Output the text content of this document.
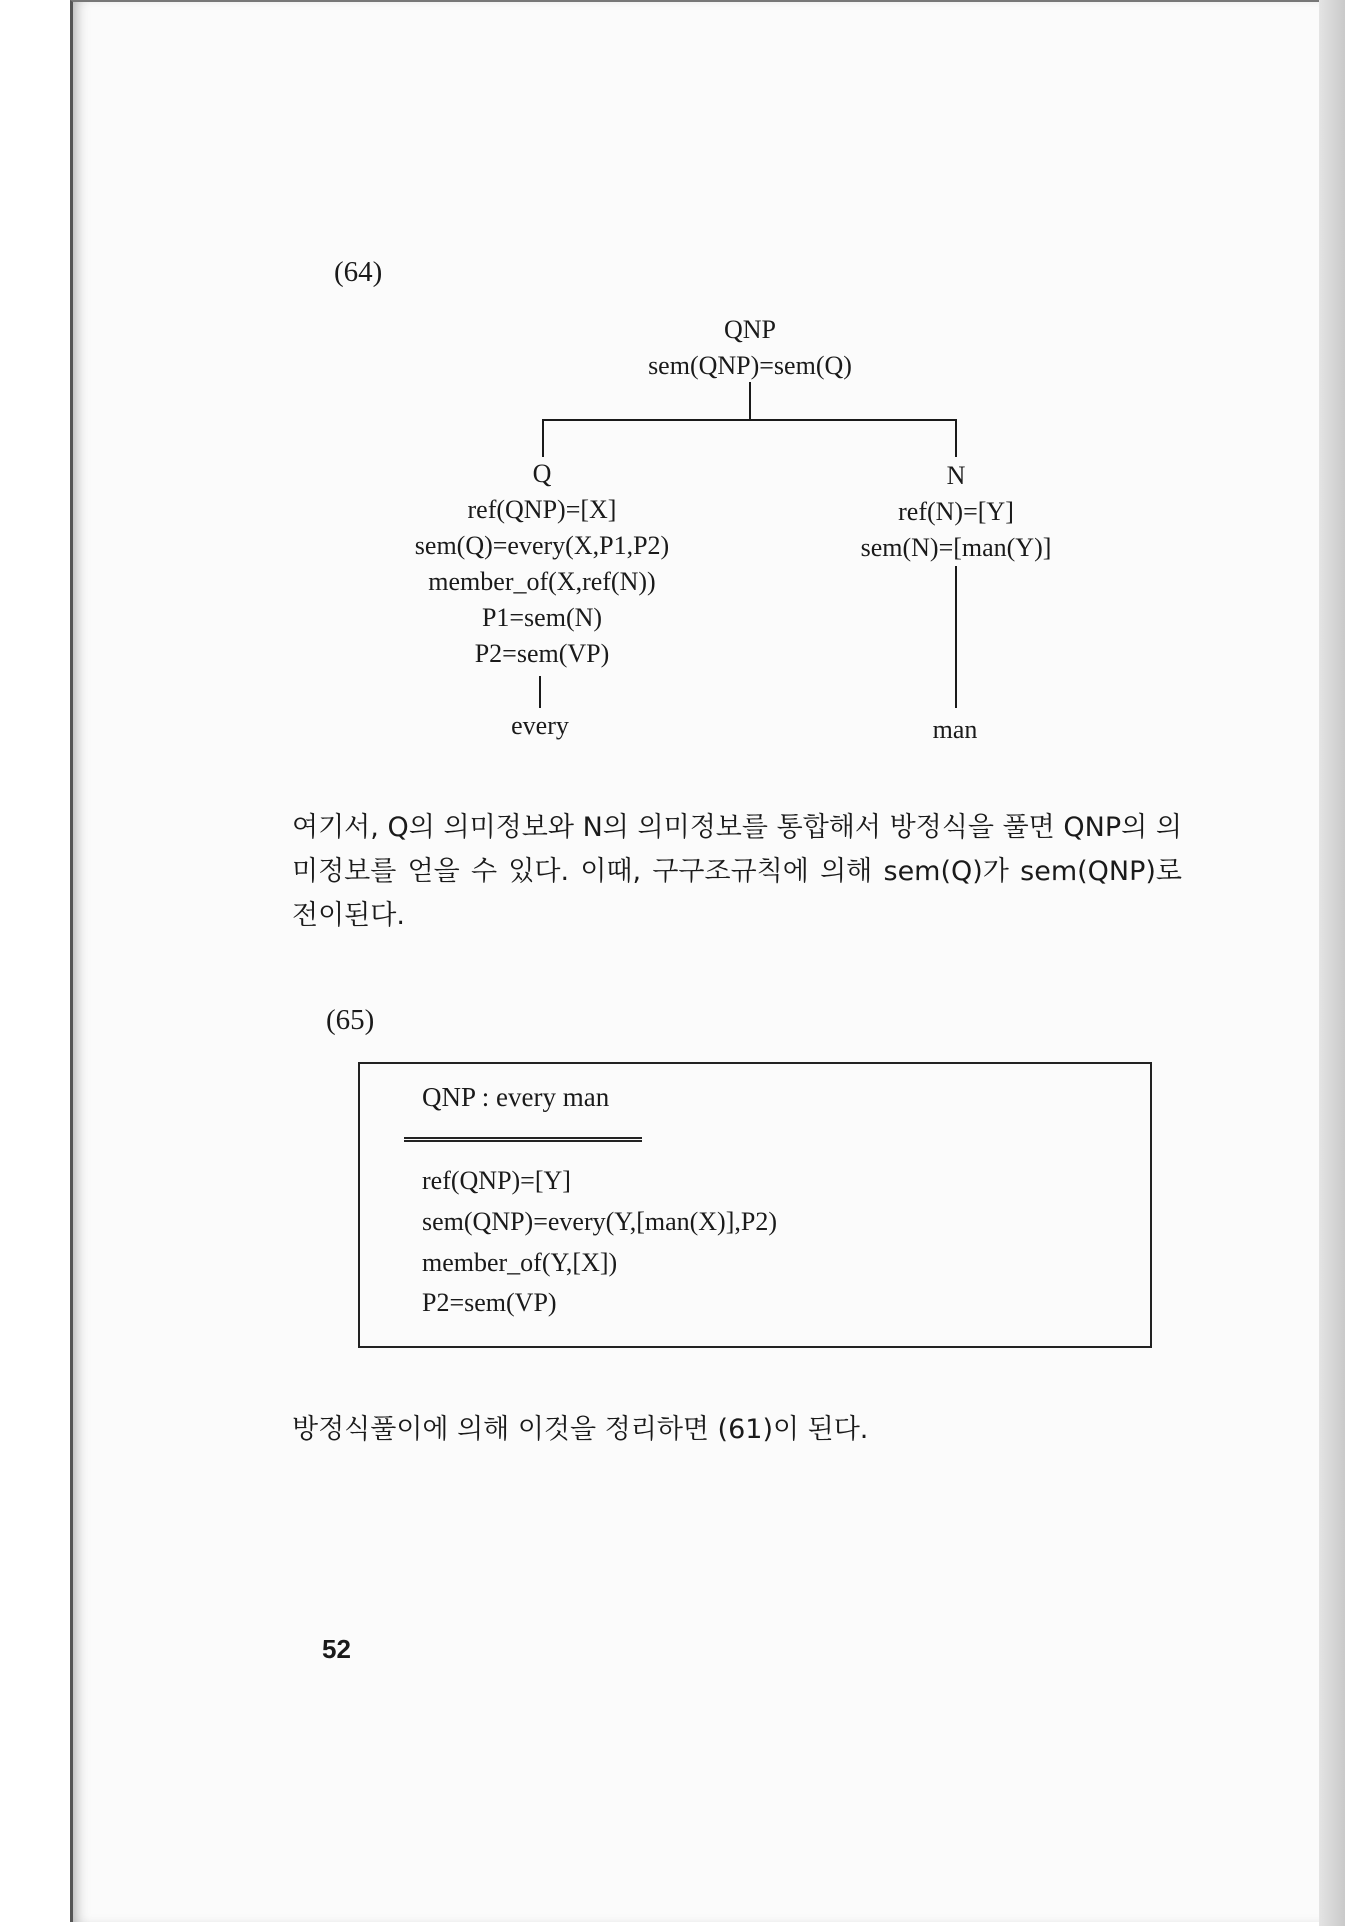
(64)
QNP
sem(QNP)=sem(Q)
Q
ref(QNP)=[X]
sem(Q)=every(X,P1,P2)
member_of(X,ref(N))
P1=sem(N)
P2=sem(VP)
every
N
ref(N)=[Y]
sem(N)=[man(Y)]
man
여기서, Q의 의미정보와 N의 의미정보를 통합해서 방정식을 풀면 QNP의 의미정보를 얻을 수 있다. 이때, 구구조규칙에 의해 sem(Q)가 sem(QNP)로 전이된다.
(65)
QNP : every man
ref(QNP)=[Y]
sem(QNP)=every(Y,[man(X)],P2)
member_of(Y,[X])
P2=sem(VP)
방정식풀이에 의해 이것을 정리하면 (61)이 된다.
52
